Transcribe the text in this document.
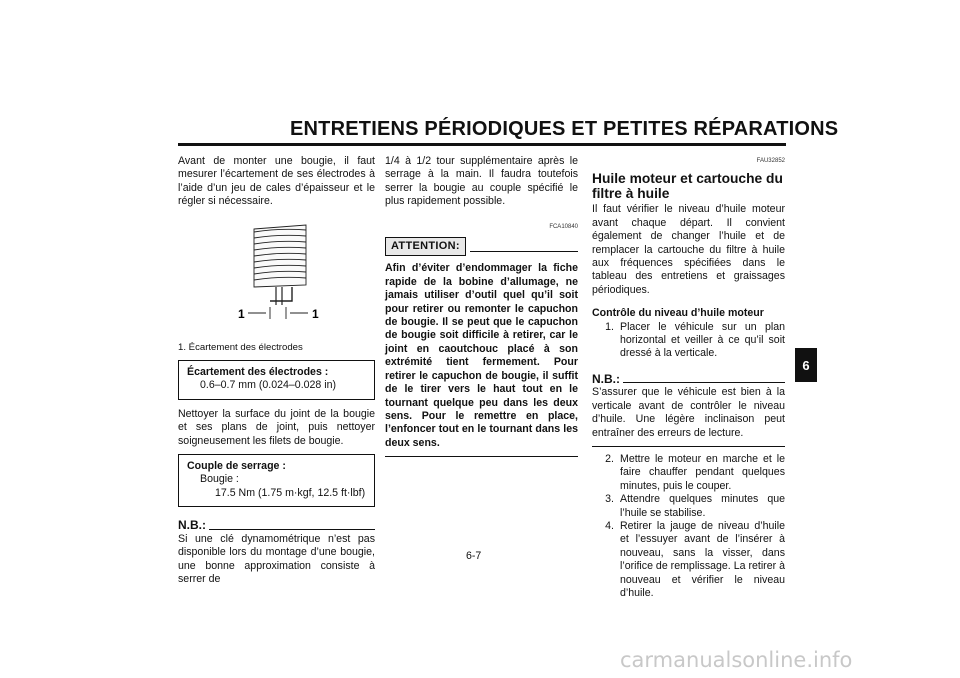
ENTRETIENS PÉRIODIQUES ET PETITES RÉPARATIONS

Avant de monter une bougie, il faut mesurer l’écartement de ses électrodes à l’aide d’un jeu de cales d’épaisseur et le régler si nécessaire.

1	1

1. Écartement des électrodes

Écartement des électrodes :
0.6–0.7 mm (0.024–0.028 in)

Nettoyer la surface du joint de la bougie et ses plans de joint, puis nettoyer soigneusement les filets de bougie.

Couple de serrage :
Bougie :
17.5 Nm (1.75 m·kgf, 12.5 ft·lbf)
N.B.:

Si une clé dynamométrique n’est pas disponible lors du montage d’une bougie, une bonne approximation consiste à serrer de

1/4 à 1/2 tour supplémentaire après le serrage à la main. Il faudra toutefois serrer la bougie au couple spécifié le plus rapidement possible.

FCA10840
ATTENTION:

Afin d’éviter d’endommager la fiche rapide de la bobine d’allumage, ne jamais utiliser d’outil quel qu’il soit pour retirer ou remonter le capuchon de bougie. Il se peut que le capuchon de bougie soit difficile à retirer, car le joint en caoutchouc placé à son extrémité tient fermement. Pour retirer le capuchon de bougie, il suffit de le tirer vers le haut tout en le tournant quelque peu dans les deux sens. Pour le remettre en place, l’enfoncer tout en le tournant dans les deux sens.

FAU32852
Huile moteur et cartouche du filtre à huile

Il faut vérifier le niveau d’huile moteur avant chaque départ. Il convient également de changer l’huile et de remplacer la cartouche du filtre à huile aux fréquences spécifiées dans le tableau des entretiens et graissages périodiques.

Contrôle du niveau d’huile moteur

1. Placer le véhicule sur un plan horizontal et veiller à ce qu’il soit dressé à la verticale.
N.B.:

S’assurer que le véhicule est bien à la verticale avant de contrôler le niveau d’huile. Une légère inclinaison peut entraîner des erreurs de lecture.

2. Mettre le moteur en marche et le faire chauffer pendant quelques minutes, puis le couper.
3. Attendre quelques minutes que l’huile se stabilise.
4. Retirer la jauge de niveau d’huile et l’essuyer avant de l’insérer à nouveau, sans la visser, dans l’orifice de remplissage. La retirer à nouveau et vérifier le niveau d’huile.
6
6-7
carmanualsonline.info
